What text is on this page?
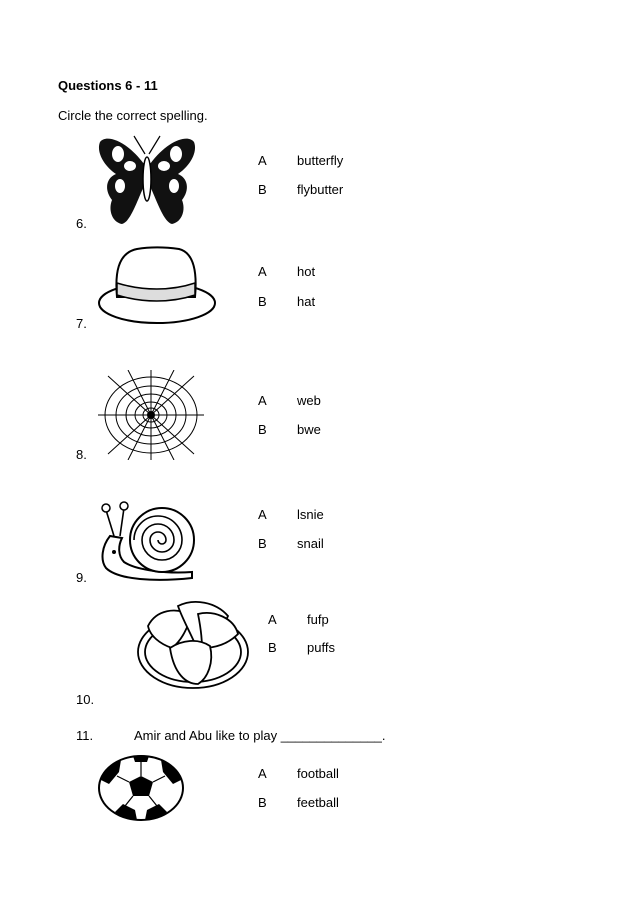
Questions 6 - 11
Circle the correct spelling.
A butterfly
B flybutter
6.
A hot
B hat
7.
A web
B bwe
8.
A lsnie
B snail
9.
A fufp
B puffs
10.
11.	Amir and Abu like to play ______________.
A football
B feetball
